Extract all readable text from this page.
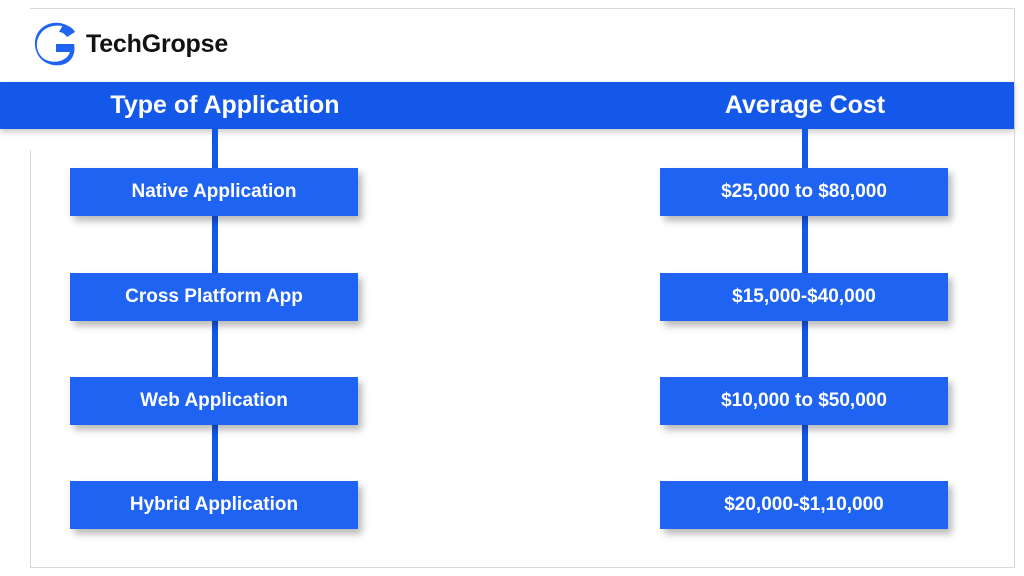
TechGropse
Type of Application	Average Cost
Native Application	$25,000 to $80,000
Cross Platform App	$15,000-$40,000
Web Application	$10,000 to $50,000
Hybrid Application	$20,000-$1,10,000
